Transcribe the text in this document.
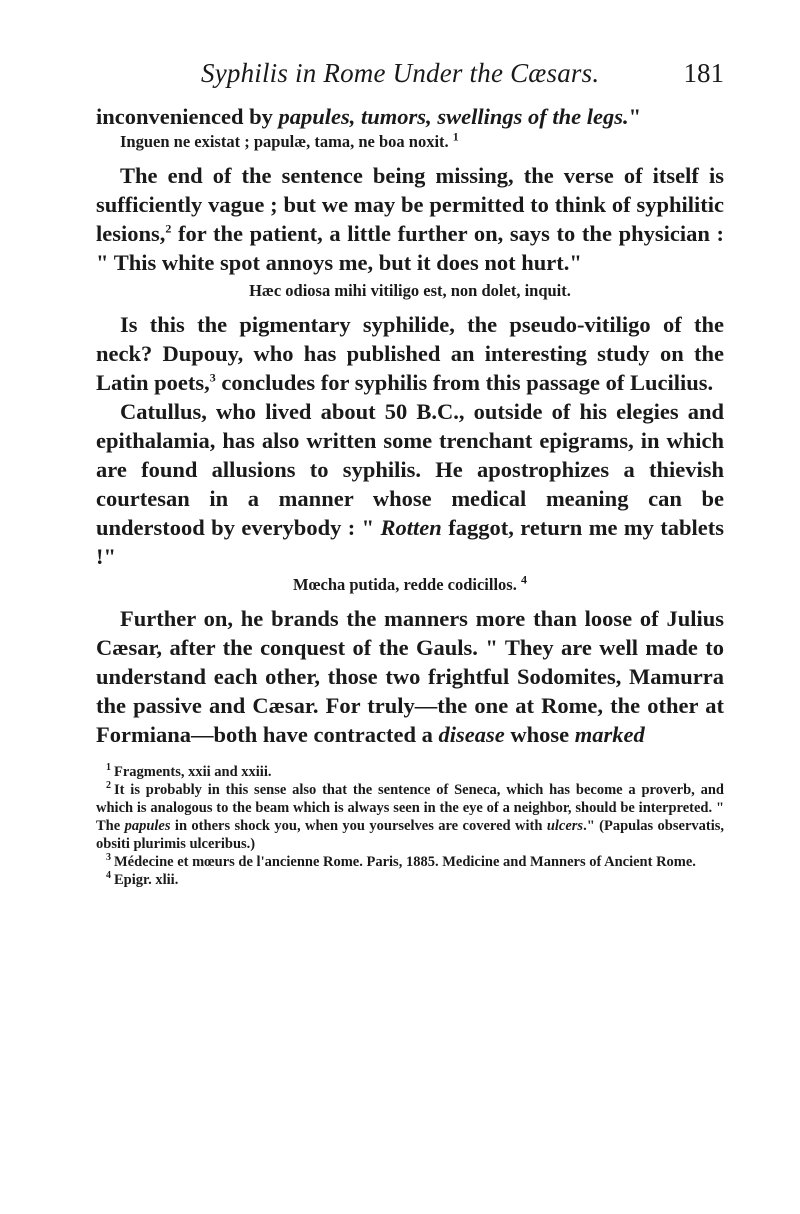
Syphilis in Rome Under the Cæsars.	181

inconvenienced by papules, tumors, swellings of the legs."

Inguen ne existat ; papulæ, tama, ne boa noxit. $^1$

The end of the sentence being missing, the verse of itself is sufficiently vague ; but we may be permitted to think of syphilitic lesions,$^2$ for the patient, a little further on, says to the physician : " This white spot annoys me, but it does not hurt."

Hæc odiosa mihi vitiligo est, non dolet, inquit.

Is this the pigmentary syphilide, the pseudo-vitiligo of the neck? Dupouy, who has published an interesting study on the Latin poets,$^3$ concludes for syphilis from this passage of Lucilius.

Catullus, who lived about 50 B.C., outside of his elegies and epithalamia, has also written some trenchant epigrams, in which are found allusions to syphilis. He apostrophizes a thievish courtesan in a manner whose medical meaning can be understood by everybody : " Rotten faggot, return me my tablets !"

Mœcha putida, redde codicillos. $^4$

Further on, he brands the manners more than loose of Julius Cæsar, after the conquest of the Gauls. " They are well made to understand each other, those two frightful Sodomites, Mamurra the passive and Cæsar. For truly—the one at Rome, the other at Formiana—both have contracted a disease whose marked

$^1$ Fragments, xxii and xxiii.

$^2$ It is probably in this sense also that the sentence of Seneca, which has become a proverb, and which is analogous to the beam which is always seen in the eye of a neighbor, should be interpreted. " The papules in others shock you, when you yourselves are covered with ulcers." (Papulas observatis, obsiti plurimis ulceribus.)

$^3$ Médecine et mœurs de l'ancienne Rome. Paris, 1885. Medicine and Manners of Ancient Rome.

$^4$ Epigr. xlii.
